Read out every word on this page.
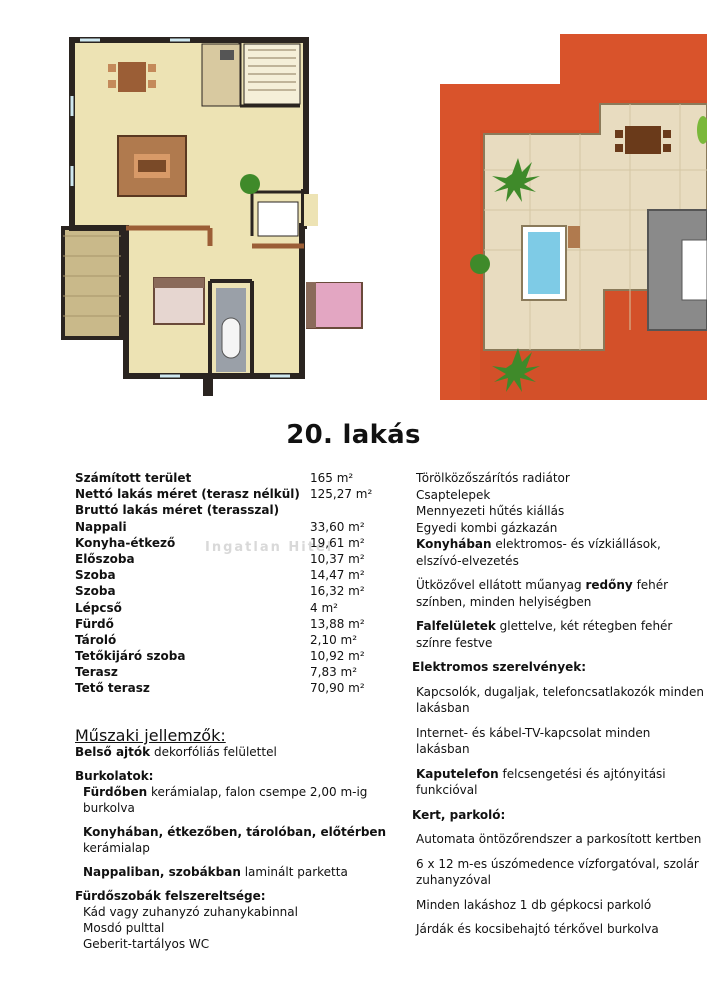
20. lakás
Ingatlan Hitel
Számított terület	165 m²
Nettó lakás méret (terasz nélkül) 125,27 m²
Bruttó lakás méret (terasszal)
Nappali	33,60 m²
Konyha-étkező	19,61 m²
Előszoba	10,37 m²
Szoba	14,47 m²
Szoba	16,32 m²
Lépcső	4 m²
Fürdő	13,88 m²
Tároló	2,10 m²
Tetőkijáró szoba	10,92 m²
Terasz	7,83 m²
Tető terasz	70,90 m²
Műszaki jellemzők:
Belső ajtók dekorfóliás felülettel
Burkolatok:
Fürdőben kerámialap, falon csempe 2,00 m-ig burkolva
Konyhában, étkezőben, tárolóban, előtérben
kerámialap
Nappaliban, szobákban laminált parketta
Fürdőszobák felszereltsége:
Kád vagy zuhanyzó zuhanykabinnal
Mosdó pulttal
Geberit-tartályos WC
Törölközőszárítós radiátor
Csaptelepek
Mennyezeti hűtés kiállás
Egyedi kombi gázkazán
Konyhában elektromos- és vízkiállások, elszívó-elvezetés
Ütközővel ellátott műanyag redőny fehér színben, minden helyiségben
Falfelületek glettelve, két rétegben fehér színre festve
Elektromos szerelvények:
Kapcsolók, dugaljak, telefoncsatlakozók minden lakásban
Internet- és kábel-TV-kapcsolat minden lakásban
Kaputelefon felcsengetési és ajtónyitási funkcióval
Kert, parkoló:
Automata öntözőrendszer a parkosított kertben
6 x 12 m-es úszómedence vízforgatóval, szolár zuhanyzóval
Minden lakáshoz 1 db gépkocsi parkoló
Járdák és kocsibehajtó térkővel burkolva
